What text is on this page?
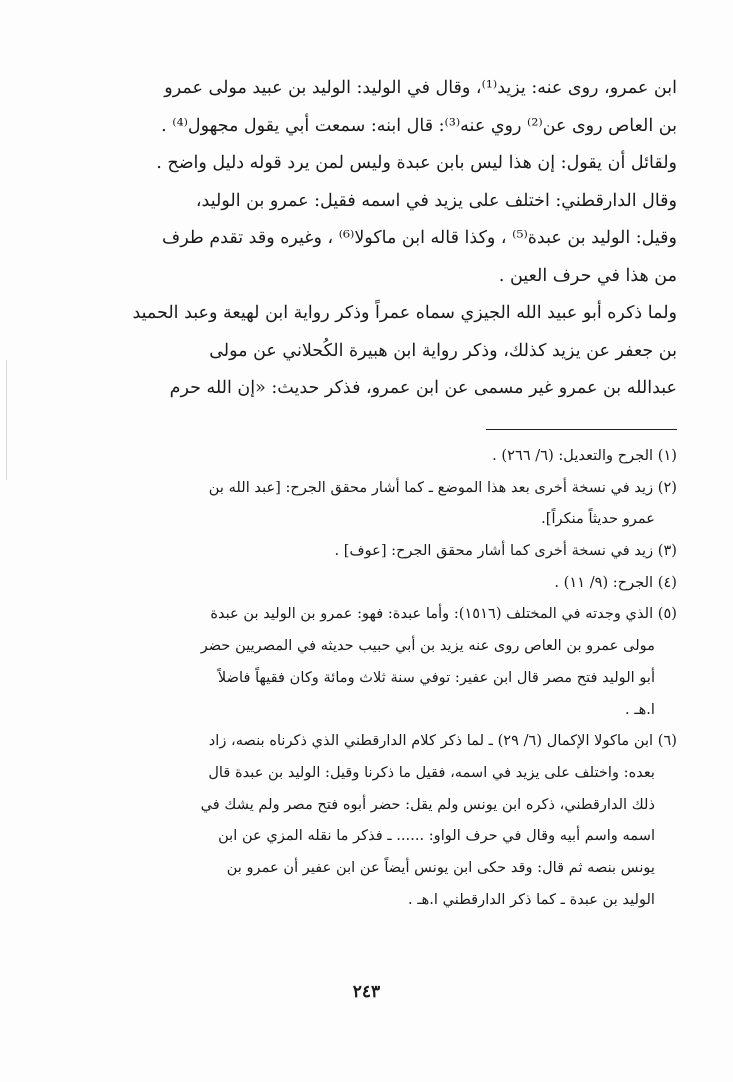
ابن عمرو، روى عنه: يزيد⁽¹⁾، وقال في الوليد: الوليد بن عبيد مولى عمرو
بن العاص روى عن⁽²⁾ روي عنه⁽³⁾: قال ابنه: سمعت أبي يقول مجهول⁽⁴⁾ .
ولقائل أن يقول: إن هذا ليس بابن عبدة وليس لمن يرد قوله دليل واضح .
وقال الدارقطني: اختلف على يزيد في اسمه فقيل: عمرو بن الوليد،
وقيل: الوليد بن عبدة⁽⁵⁾ ، وكذا قاله ابن ماكولا⁽⁶⁾ ، وغيره وقد تقدم طرف
من هذا في حرف العين .
ولما ذكره أبو عبيد الله الجيزي سماه عمراً وذكر رواية ابن لهيعة وعبد الحميد
بن جعفر عن يزيد كذلك، وذكر رواية ابن هبيرة الكُحلاني عن مولى
عبدالله بن عمرو غير مسمى عن ابن عمرو، فذكر حديث: «إن الله حرم
(١) الجرح والتعديل: (٦/ ٢٦٦) .
(٢) زيد في نسخة أخرى بعد هذا الموضع ـ كما أشار محقق الجرح: [عبد الله بن
عمرو حديثاً منكراً].
(٣) زيد في نسخة أخرى كما أشار محقق الجرح: [عوف] .
(٤) الجرح: (٩/ ١١) .
(٥) الذي وجدته في المختلف (١٥١٦): وأما عبدة: فهو: عمرو بن الوليد بن عبدة
مولى عمرو بن العاص روى عنه يزيد بن أبي حبيب حديثه في المصريين حضر
أبو الوليد فتح مصر قال ابن عفير: توفي سنة ثلاث ومائة وكان فقيهاً فاضلاً
ا.هـ .
(٦) ابن ماكولا الإكمال (٦/ ٢٩) ـ لما ذكر كلام الدارقطني الذي ذكرناه بنصه، زاد
بعده: واختلف على يزيد في اسمه، فقيل ما ذكرنا وقيل: الوليد بن عبدة قال
ذلك الدارقطني، ذكره ابن يونس ولم يقل: حضر أبوه فتح مصر ولم يشك في
اسمه واسم أبيه وقال في حرف الواو: ...... ـ فذكر ما نقله المزي عن ابن
يونس بنصه ثم قال: وقد حكى ابن يونس أيضاً عن ابن عفير أن عمرو بن
الوليد بن عبدة ـ كما ذكر الدارقطني ا.هـ .
٢٤٣
